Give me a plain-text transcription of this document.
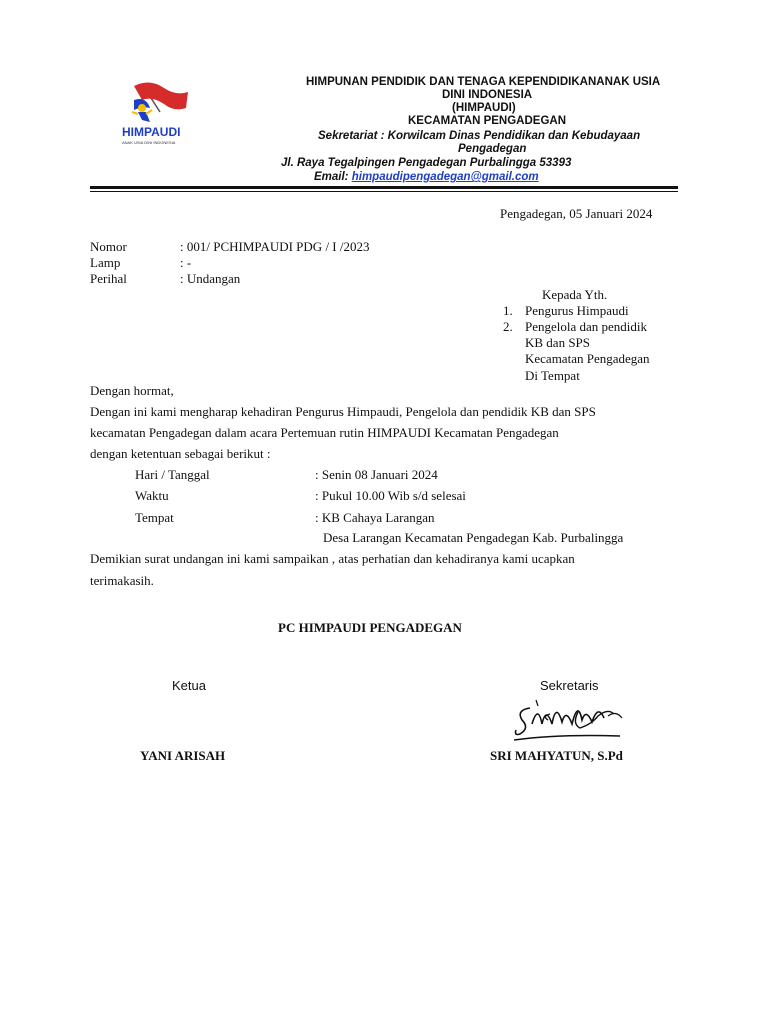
HIMPAUDI
ANAK USIA DINI INDONESIA
HIMPUNAN PENDIDIK DAN TENAGA KEPENDIDIKANANAK USIA
DINI INDONESIA
(HIMPAUDI)
KECAMATAN PENGADEGAN
Sekretariat : Korwilcam Dinas Pendidikan dan Kebudayaan
Pengadegan
Jl. Raya Tegalpingen Pengadegan Purbalingga 53393
Email: himpaudipengadegan@gmail.com
Pengadegan, 05 Januari 2024
Nomor	: 001/ PCHIMPAUDI PDG / I /2023
Lamp	: -
Perihal	: Undangan
Kepada Yth.
1. Pengurus Himpaudi
2. Pengelola dan pendidik
KB dan SPS
Kecamatan Pengadegan
Di Tempat
Dengan hormat,
Dengan ini kami mengharap kehadiran Pengurus Himpaudi, Pengelola dan pendidik KB dan SPS
kecamatan Pengadegan dalam acara Pertemuan rutin HIMPAUDI Kecamatan Pengadegan
dengan ketentuan sebagai berikut :
Hari / Tanggal	: Senin 08 Januari 2024
Waktu	: Pukul 10.00 Wib s/d selesai
Tempat	: KB Cahaya Larangan
Desa Larangan Kecamatan Pengadegan Kab. Purbalingga
Demikian surat undangan ini kami sampaikan , atas perhatian dan kehadiranya kami ucapkan
terimakasih.
PC HIMPAUDI PENGADEGAN
Ketua	Sekretaris
YANI ARISAH	SRI MAHYATUN, S.Pd
